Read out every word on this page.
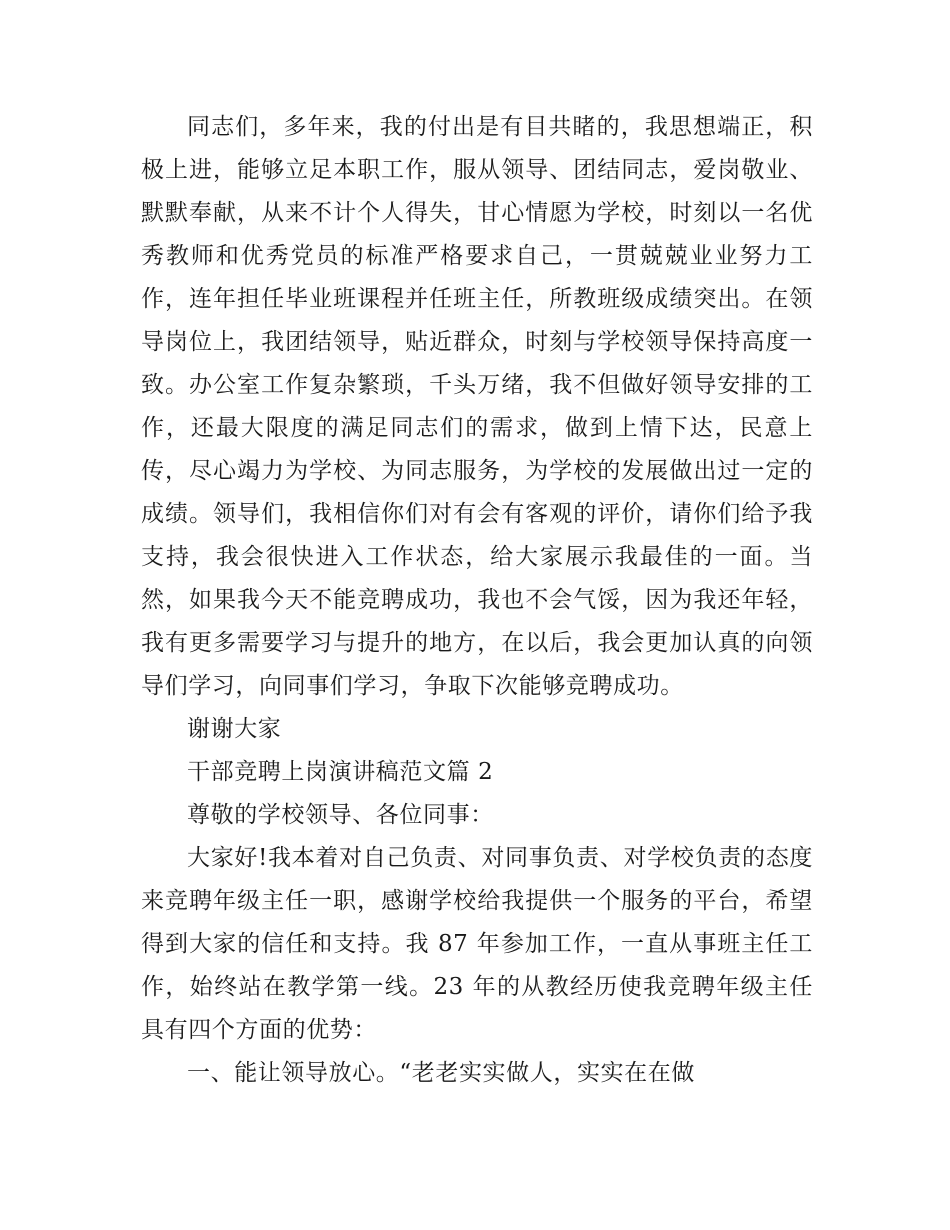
同志们，多年来，我的付出是有目共睹的，我思想端正，积极上进，能够立足本职工作，服从领导、团结同志，爱岗敬业、默默奉献，从来不计个人得失，甘心情愿为学校，时刻以一名优秀教师和优秀党员的标准严格要求自己，一贯兢兢业业努力工作，连年担任毕业班课程并任班主任，所教班级成绩突出。在领导岗位上，我团结领导，贴近群众，时刻与学校领导保持高度一致。办公室工作复杂繁琐，千头万绪，我不但做好领导安排的工作，还最大限度的满足同志们的需求，做到上情下达，民意上传，尽心竭力为学校、为同志服务，为学校的发展做出过一定的成绩。领导们，我相信你们对有会有客观的评价，请你们给予我支持，我会很快进入工作状态，给大家展示我最佳的一面。当然，如果我今天不能竞聘成功，我也不会气馁，因为我还年轻，我有更多需要学习与提升的地方，在以后，我会更加认真的向领导们学习，向同事们学习，争取下次能够竞聘成功。

谢谢大家

干部竞聘上岗演讲稿范文篇 2

尊敬的学校领导、各位同事：

大家好!我本着对自己负责、对同事负责、对学校负责的态度来竞聘年级主任一职，感谢学校给我提供一个服务的平台，希望得到大家的信任和支持。我 87 年参加工作，一直从事班主任工作，始终站在教学第一线。23 年的从教经历使我竞聘年级主任具有四个方面的优势：

一、能让领导放心。“老老实实做人，实实在在做
